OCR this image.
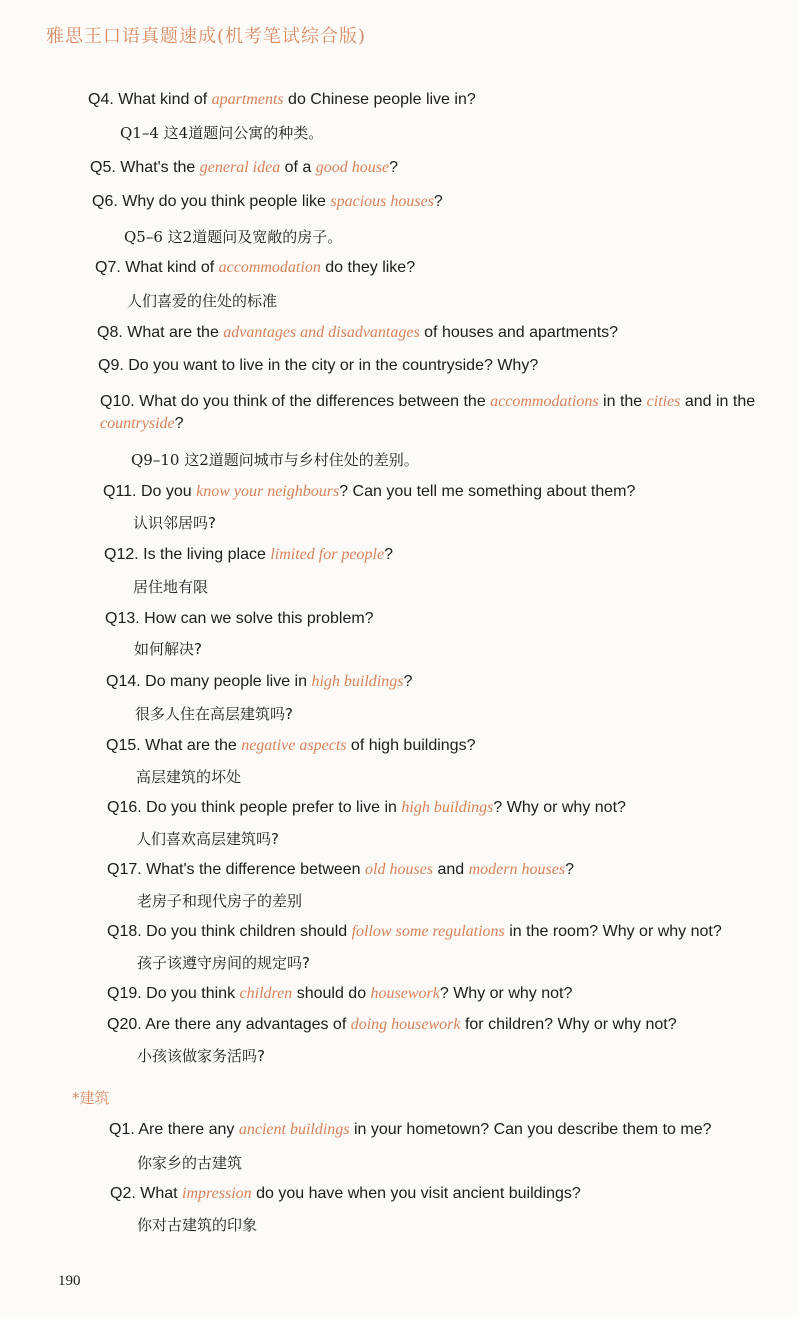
雅思王口语真题速成(机考笔试综合版)
Q4. What kind of apartments do Chinese people live in?
Q1–4 这4道题问公寓的种类。
Q5. What's the general idea of a good house?
Q6. Why do you think people like spacious houses?
Q5–6 这2道题问及宽敞的房子。
Q7. What kind of accommodation do they like?
人们喜爱的住处的标准
Q8. What are the advantages and disadvantages of houses and apartments?
Q9. Do you want to live in the city or in the countryside? Why?
Q10. What do you think of the differences between the accommodations in the cities and in the countryside?
Q9–10 这2道题问城市与乡村住处的差别。
Q11. Do you know your neighbours? Can you tell me something about them?
认识邻居吗?
Q12. Is the living place limited for people?
居住地有限
Q13. How can we solve this problem?
如何解决?
Q14. Do many people live in high buildings?
很多人住在高层建筑吗?
Q15. What are the negative aspects of high buildings?
高层建筑的坏处
Q16. Do you think people prefer to live in high buildings? Why or why not?
人们喜欢高层建筑吗?
Q17. What's the difference between old houses and modern houses?
老房子和现代房子的差别
Q18. Do you think children should follow some regulations in the room? Why or why not?
孩子该遵守房间的规定吗?
Q19. Do you think children should do housework? Why or why not?
Q20. Are there any advantages of doing housework for children? Why or why not?
小孩该做家务活吗?
Q1. Are there any ancient buildings in your hometown? Can you describe them to me?
你家乡的古建筑
Q2. What impression do you have when you visit ancient buildings?
你对古建筑的印象
*建筑
190
